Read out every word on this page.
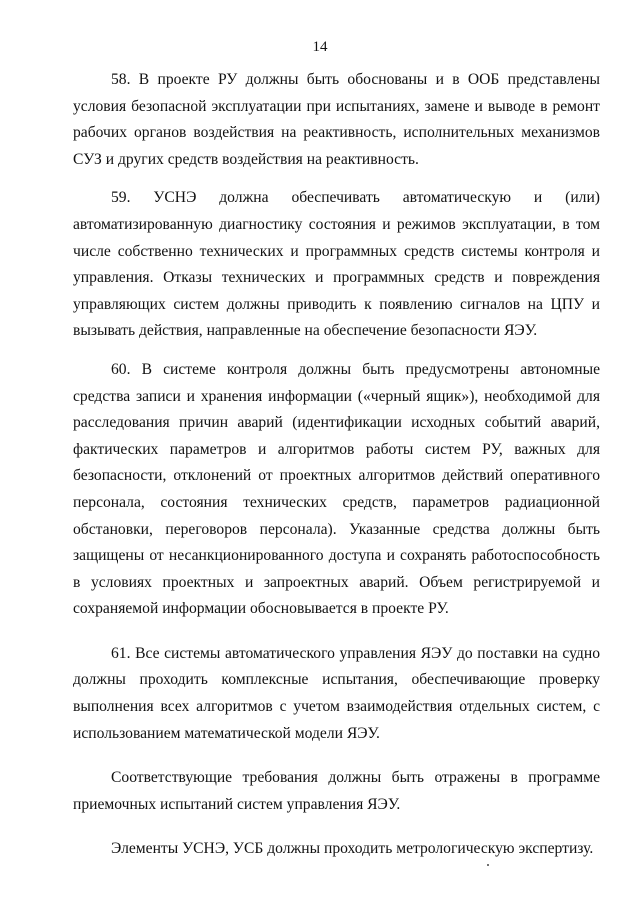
14

58. В проекте РУ должны быть обоснованы и в ООБ представлены условия безопасной эксплуатации при испытаниях, замене и выводе в ремонт рабочих органов воздействия на реактивность, исполнительных механизмов СУЗ и других средств воздействия на реактивность.

59. УСНЭ должна обеспечивать автоматическую и (или) автоматизированную диагностику состояния и режимов эксплуатации, в том числе собственно технических и программных средств системы контроля и управления. Отказы технических и программных средств и повреждения управляющих систем должны приводить к появлению сигналов на ЦПУ и вызывать действия, направленные на обеспечение безопасности ЯЭУ.

60. В системе контроля должны быть предусмотрены автономные средства записи и хранения информации («черный ящик»), необходимой для расследования причин аварий (идентификации исходных событий аварий, фактических параметров и алгоритмов работы систем РУ, важных для безопасности, отклонений от проектных алгоритмов действий оперативного персонала, состояния технических средств, параметров радиационной обстановки, переговоров персонала). Указанные средства должны быть защищены от несанкционированного доступа и сохранять работоспособность в условиях проектных и запроектных аварий. Объем регистрируемой и сохраняемой информации обосновывается в проекте РУ.

61. Все системы автоматического управления ЯЭУ до поставки на судно должны проходить комплексные испытания, обеспечивающие проверку выполнения всех алгоритмов с учетом взаимодействия отдельных систем, с использованием математической модели ЯЭУ.

Соответствующие требования должны быть отражены в программе приемочных испытаний систем управления ЯЭУ.

Элементы УСНЭ, УСБ должны проходить метрологическую экспертизу.
